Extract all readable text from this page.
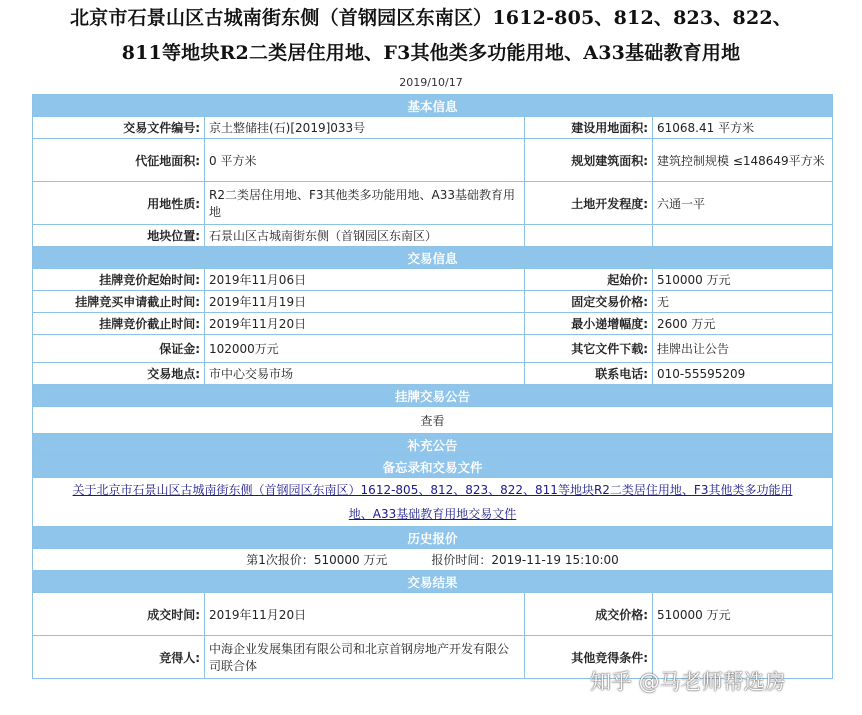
北京市石景山区古城南街东侧（首钢园区东南区）1612-805、812、823、822、
811等地块R2二类居住用地、F3其他类多功能用地、A33基础教育用地
2019/10/17
基本信息			
交易文件编号:	京土整储挂(石)[2019]033号	建设用地面积:	61068.41 平方米
代征地面积:	0 平方米	规划建筑面积:	建筑控制规模 ≤148649平方米
用地性质:	R2二类居住用地、F3其他类多功能用地、A33基础教育用地	土地开发程度:	六通一平
地块位置:	石景山区古城南街东侧（首钢园区东南区）		
交易信息			
挂牌竞价起始时间:	2019年11月06日	起始价:	510000 万元
挂牌竞买申请截止时间:	2019年11月19日	固定交易价格:	无
挂牌竞价截止时间:	2019年11月20日	最小递增幅度:	2600 万元
保证金:	102000万元	其它文件下载:	挂牌出让公告
交易地点:	市中心交易市场	联系电话:	010-55595209
挂牌交易公告			
查看			
补充公告			
备忘录和交易文件			

关于北京市石景山区古城南街东侧（首钢园区东南区）1612-805、812、823、822、811等地块R2二类居住用地、F3其他类多功能用
地、A33基础教育用地交易文件			

历史报价			
第1次报价：510000 万元 报价时间：2019-11-19 15:10:00			
交易结果			
成交时间:	2019年11月20日	成交价格:	510000 万元
竞得人:	中海企业发展集团有限公司和北京首钢房地产开发有限公司联合体	其他竞得条件:	
知乎 @马老师帮选房
